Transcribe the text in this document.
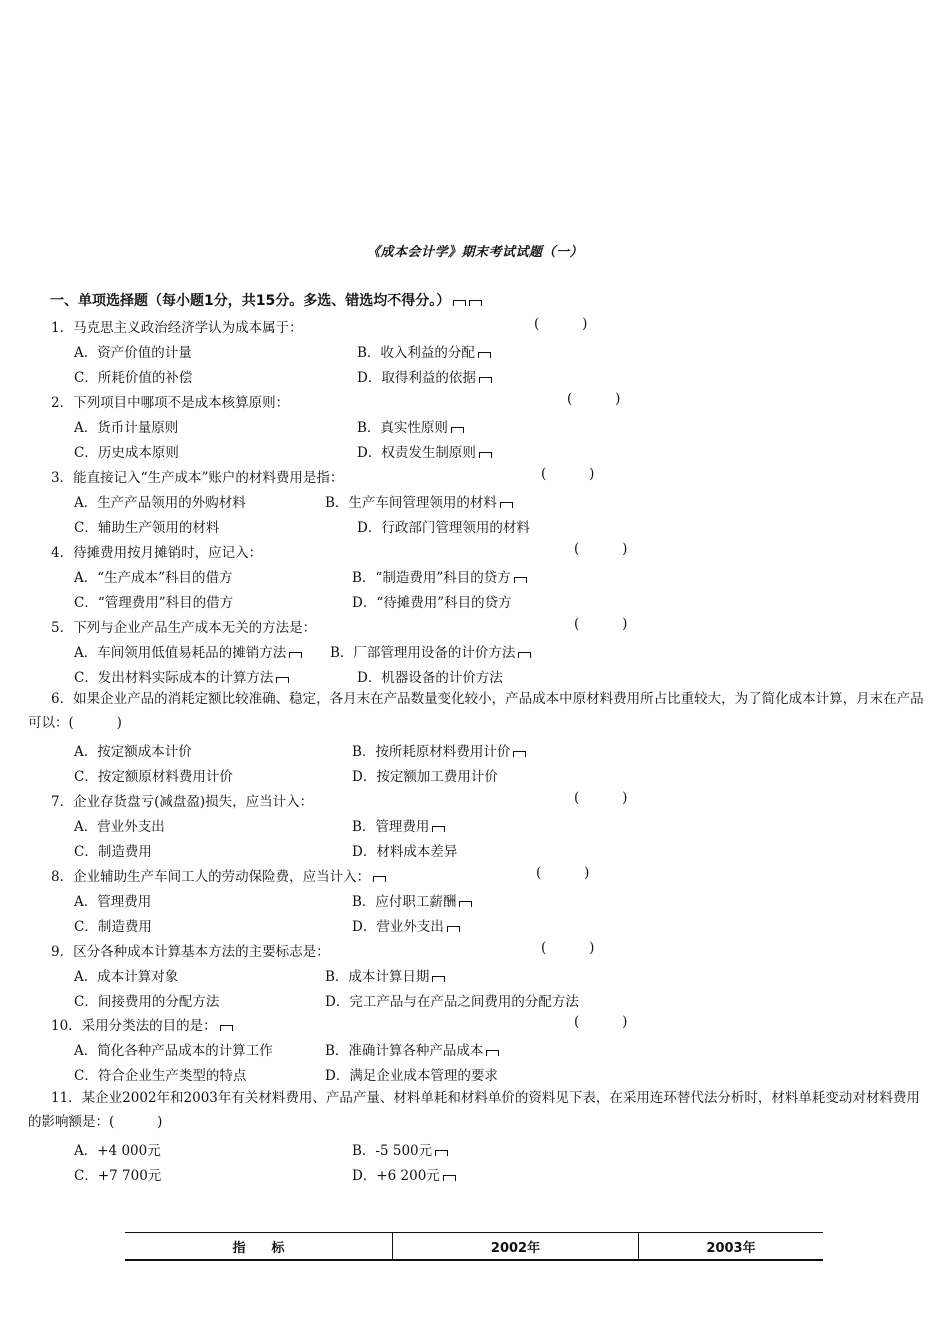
《成本会计学》期末考试试题（一）
一、单项选择题（每小题1分，共15分。多选、错选均不得分。）
1．马克思主义政治经济学认为成本属于：	(          )
A．资产价值的计量	B．收入利益的分配
C．所耗价值的补偿	D．取得利益的依据
2．下列项目中哪项不是成本核算原则：	(          )
A．货币计量原则	B．真实性原则
C．历史成本原则	D．权责发生制原则
3．能直接记入“生产成本”账户的材料费用是指：	(          )
A．生产产品领用的外购材料	B．生产车间管理领用的材料
C．辅助生产领用的材料	D．行政部门管理领用的材料
4．待摊费用按月摊销时，应记入：	(          )
A．“生产成本”科目的借方	B．“制造费用”科目的贷方
C．“管理费用”科目的借方	D．“待摊费用”科目的贷方
5．下列与企业产品生产成本无关的方法是：	(          )
A．车间领用低值易耗品的摊销方法	B．厂部管理用设备的计价方法
C．发出材料实际成本的计算方法	D．机器设备的计价方法
6．如果企业产品的消耗定额比较准确、稳定，各月末在产品数量变化较小，产品成本中原材料费用所占比重较大，为了简化成本计算，月末在产品可以：(          )
A．按定额成本计价	B．按所耗原材料费用计价
C．按定额原材料费用计价	D．按定额加工费用计价
7．企业存货盘亏(减盘盈)损失，应当计入：	(          )
A．营业外支出	B．管理费用
C．制造费用	D．材料成本差异
8．企业辅助生产车间工人的劳动保险费，应当计入：	(          )
A．管理费用	B．应付职工薪酬
C．制造费用	D．营业外支出
9．区分各种成本计算基本方法的主要标志是：	(          )
A．成本计算对象	B．成本计算日期
C．间接费用的分配方法	D．完工产品与在产品之间费用的分配方法
10．采用分类法的目的是：	(          )
A．简化各种产品成本的计算工作	B．准确计算各种产品成本
C．符合企业生产类型的特点	D．满足企业成本管理的要求
11．某企业2002年和2003年有关材料费用、产品产量、材料单耗和材料单价的资料见下表，在采用连环替代法分析时，材料单耗变动对材料费用的影响额是：(          )
A．+4 000元	B．-5 500元
C．+7 700元	D．+6 200元
指　　标	2002年	2003年
